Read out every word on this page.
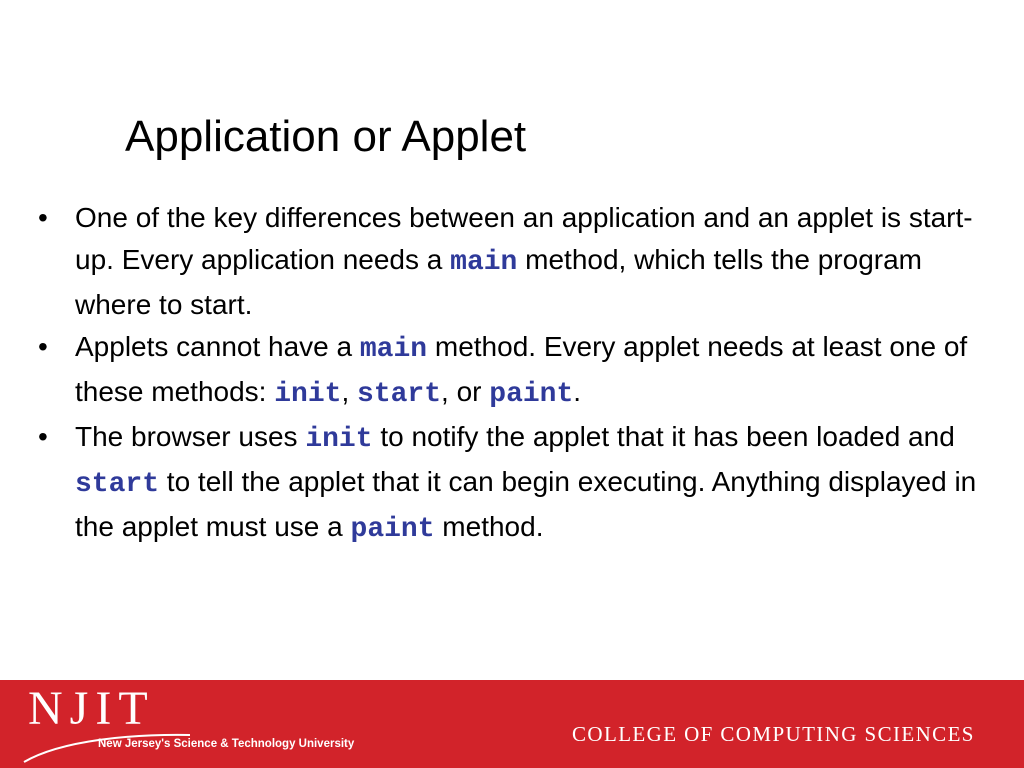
Application or Applet
• One of the key differences between an application and an applet is start-up. Every application needs a main method, which tells the program where to start.
• Applets cannot have a main method. Every applet needs at least one of these methods: init, start, or paint.
• The browser uses init to notify the applet that it has been loaded and start to tell the applet that it can begin executing. Anything displayed in the applet must use a paint method.
NJIT
New Jersey's Science & Technology University	COLLEGE OF COMPUTING SCIENCES
